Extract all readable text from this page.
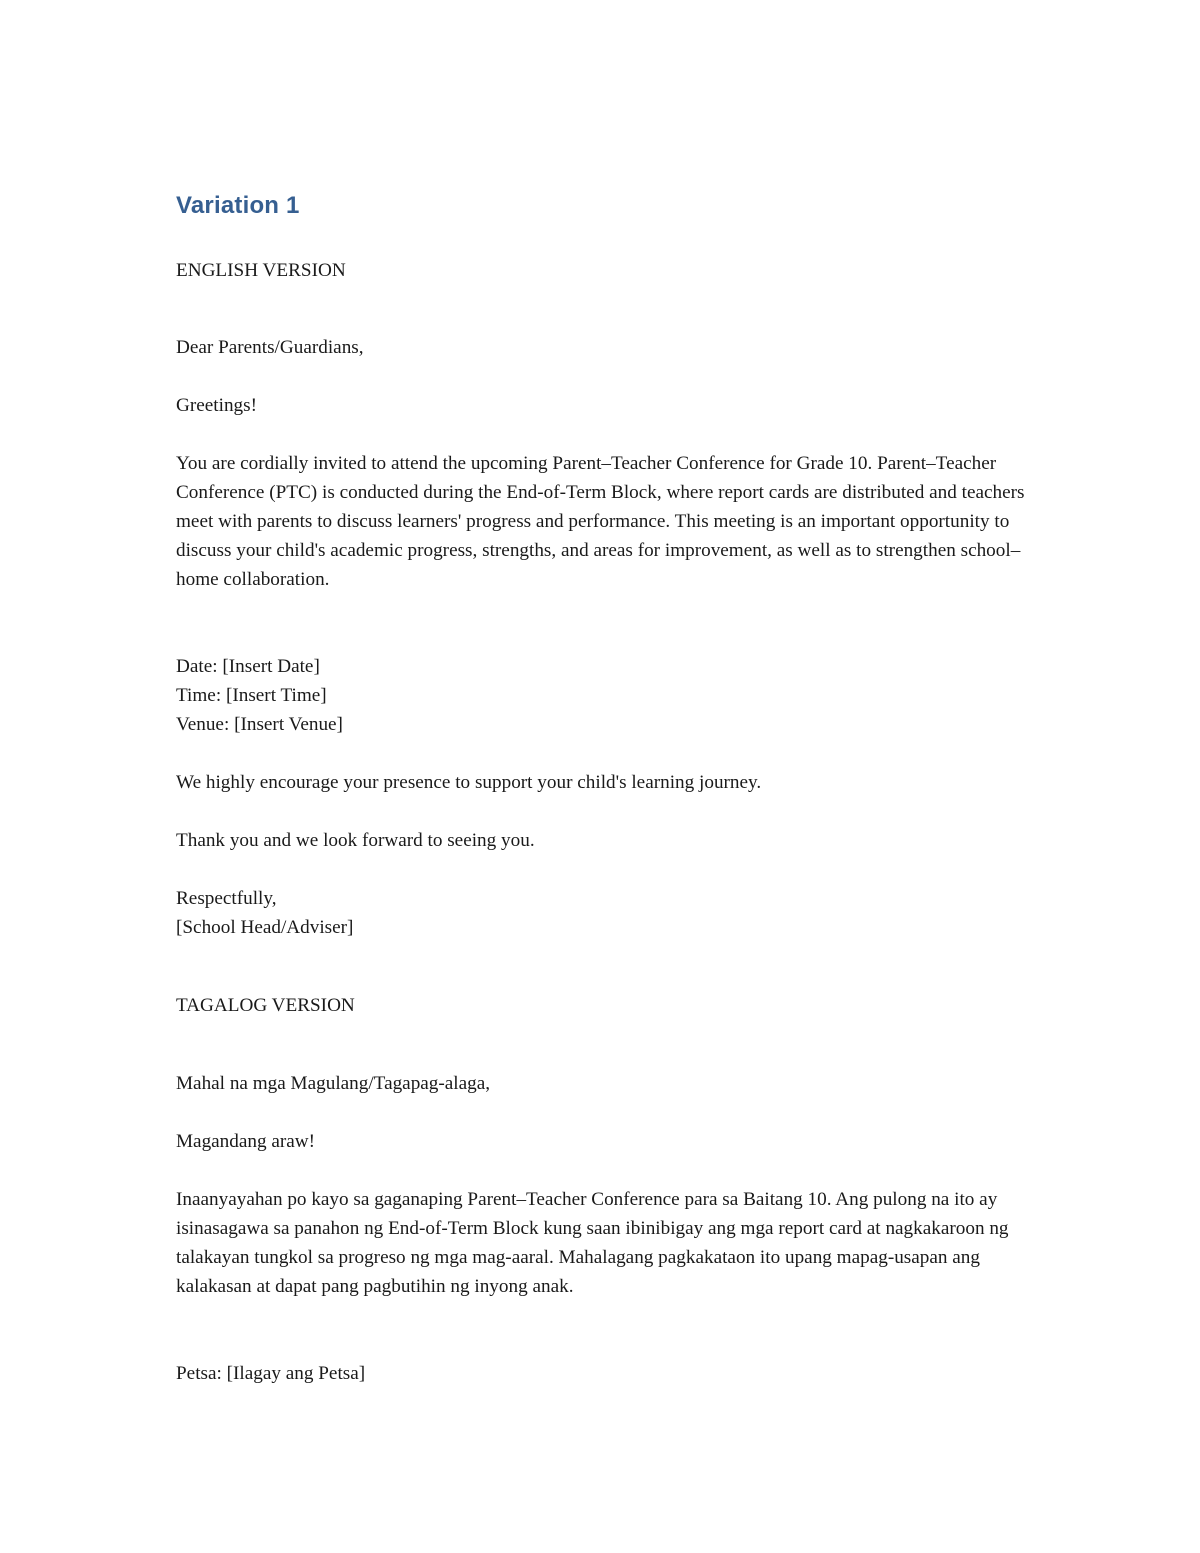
Variation 1

ENGLISH VERSION

Dear Parents/Guardians,

Greetings!

You are cordially invited to attend the upcoming Parent–Teacher Conference for Grade 10. Parent–Teacher Conference (PTC) is conducted during the End-of-Term Block, where report cards are distributed and teachers meet with parents to discuss learners' progress and performance. This meeting is an important opportunity to discuss your child's academic progress, strengths, and areas for improvement, as well as to strengthen school–home collaboration.

Date: [Insert Date]

Time: [Insert Time]

Venue: [Insert Venue]

We highly encourage your presence to support your child's learning journey.

Thank you and we look forward to seeing you.

Respectfully,

[School Head/Adviser]

TAGALOG VERSION

Mahal na mga Magulang/Tagapag-alaga,

Magandang araw!

Inaanyayahan po kayo sa gaganaping Parent–Teacher Conference para sa Baitang 10. Ang pulong na ito ay isinasagawa sa panahon ng End-of-Term Block kung saan ibinibigay ang mga report card at nagkakaroon ng talakayan tungkol sa progreso ng mga mag-aaral. Mahalagang pagkakataon ito upang mapag-usapan ang kalakasan at dapat pang pagbutihin ng inyong anak.

Petsa: [Ilagay ang Petsa]
